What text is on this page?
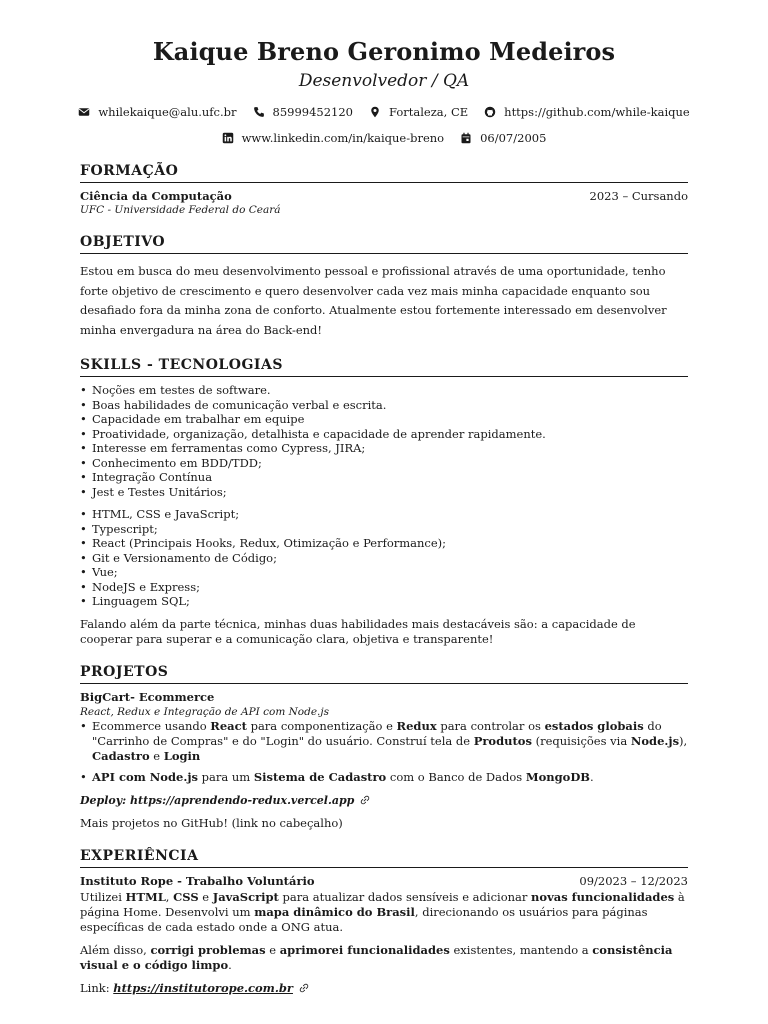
Kaique Breno Geronimo Medeiros
Desenvolvedor / QA
whilekaique@alu.ufc.br	85999452120	Fortaleza, CE	https://github.com/while-kaique
www.linkedin.com/in/kaique-breno	06/07/2005
FORMAÇÃO
Ciência da Computação	2023 – Cursando
UFC - Universidade Federal do Ceará
OBJETIVO

Estou em busca do meu desenvolvimento pessoal e profissional através de uma oportunidade, tenho forte objetivo de crescimento e quero desenvolver cada vez mais minha capacidade enquanto sou desafiado fora da minha zona de conforto. Atualmente estou fortemente interessado em desenvolver minha envergadura na área do Back-end!

SKILLS - TECNOLOGIAS
• Noções em testes de software.
• Boas habilidades de comunicação verbal e escrita.
• Capacidade em trabalhar em equipe
• Proatividade, organização, detalhista e capacidade de aprender rapidamente.
• Interesse em ferramentas como Cypress, JIRA;
• Conhecimento em BDD/TDD;
• Integração Contínua
• Jest e Testes Unitários;
• HTML, CSS e JavaScript;
• Typescript;
• React (Principais Hooks, Redux, Otimização e Performance);
• Git e Versionamento de Código;
• Vue;
• NodeJS e Express;
• Linguagem SQL;

Falando além da parte técnica, minhas duas habilidades mais destacáveis são: a capacidade de cooperar para superar e a comunicação clara, objetiva e transparente!

PROJETOS
BigCart- Ecommerce
React, Redux e Integração de API com Node.js
• Ecommerce usando React para componentização e Redux para controlar os estados globais do "Carrinho de Compras" e do "Login" do usuário. Construí tela de Produtos (requisições via Node.js), Cadastro e Login
• API com Node.js para um Sistema de Cadastro com o Banco de Dados MongoDB.
Deploy: https://aprendendo-redux.vercel.app
Mais projetos no GitHub! (link no cabeçalho)
EXPERIÊNCIA
Instituto Rope - Trabalho Voluntário	09/2023 – 12/2023

Utilizei HTML, CSS e JavaScript para atualizar dados sensíveis e adicionar novas funcionalidades à página Home. Desenvolvi um mapa dinâmico do Brasil, direcionando os usuários para páginas específicas de cada estado onde a ONG atua.

Além disso, corrigi problemas e aprimorei funcionalidades existentes, mantendo a consistência visual e o código limpo.

Link: https://institutorope.com.br
